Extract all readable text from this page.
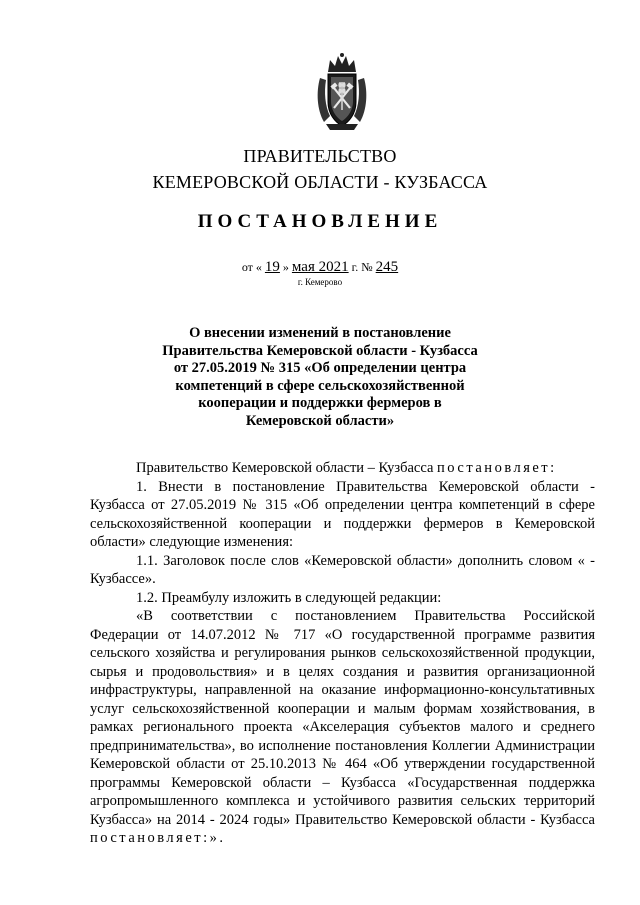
ПРАВИТЕЛЬСТВО
КЕМЕРОВСКОЙ ОБЛАСТИ - КУЗБАССА
ПОСТАНОВЛЕНИЕ
от « 19 » мая 2021 г. № 245
г. Кемерово
О внесении изменений в постановление
Правительства Кемеровской области - Кузбасса
от 27.05.2019 № 315 «Об определении центра
компетенций в сфере сельскохозяйственной
кооперации и поддержки фермеров в
Кемеровской области»

Правительство Кемеровской области – Кузбасса постановляет:

1. Внести в постановление Правительства Кемеровской области - Кузбасса от 27.05.2019 № 315 «Об определении центра компетенций в сфере сельскохозяйственной кооперации и поддержки фермеров в Кемеровской области» следующие изменения:

1.1. Заголовок после слов «Кемеровской области» дополнить словом « - Кузбассе».

1.2. Преамбулу изложить в следующей редакции:

«В соответствии с постановлением Правительства Российской Федерации от 14.07.2012 № 717 «О государственной программе развития сельского хозяйства и регулирования рынков сельскохозяйственной продукции, сырья и продовольствия» и в целях создания и развития организационной инфраструктуры, направленной на оказание информационно-консультативных услуг сельскохозяйственной кооперации и малым формам хозяйствования, в рамках регионального проекта «Акселерация субъектов малого и среднего предпринимательства», во исполнение постановления Коллегии Администрации Кемеровской области от 25.10.2013 № 464 «Об утверждении государственной программы Кемеровской области – Кузбасса «Государственная поддержка агропромышленного комплекса и устойчивого развития сельских территорий Кузбасса» на 2014 - 2024 годы» Правительство Кемеровской области - Кузбасса постановляет:».
